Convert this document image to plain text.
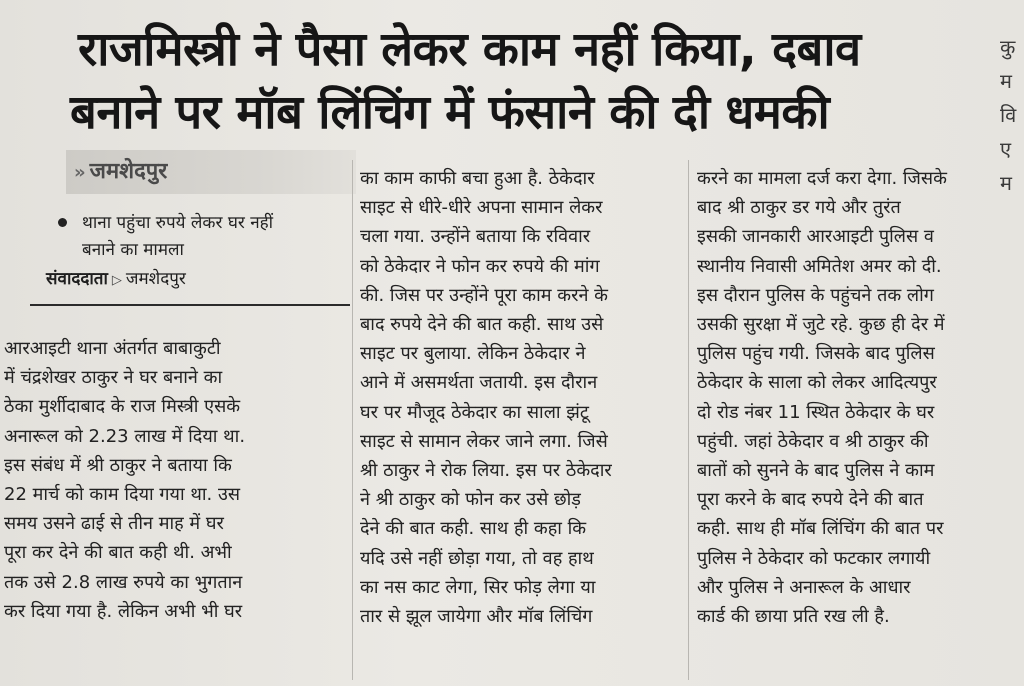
राजमिस्त्री ने पैसा लेकर काम नहीं किया, दबाव
बनाने पर मॉब लिंचिंग में फंसाने की दी धमकी
कु
म
वि
ए
म
» जमशेदपुर
थाना पहुंचा रुपये लेकर घर नहीं
बनाने का मामला
संवाददाता ▷ जमशेदपुर
आरआइटी थाना अंतर्गत बाबाकुटी
में चंद्रशेखर ठाकुर ने घर बनाने का
ठेका मुर्शीदाबाद के राज मिस्त्री एसके
अनारूल को 2.23 लाख में दिया था.
इस संबंध में श्री ठाकुर ने बताया कि
22 मार्च को काम दिया गया था. उस
समय उसने ढाई से तीन माह में घर
पूरा कर देने की बात कही थी. अभी
तक उसे 2.8 लाख रुपये का भुगतान
कर दिया गया है. लेकिन अभी भी घर
का काम काफी बचा हुआ है. ठेकेदार
साइट से धीरे-धीरे अपना सामान लेकर
चला गया. उन्होंने बताया कि रविवार
को ठेकेदार ने फोन कर रुपये की मांग
की. जिस पर उन्होंने पूरा काम करने के
बाद रुपये देने की बात कही. साथ उसे
साइट पर बुलाया. लेकिन ठेकेदार ने
आने में असमर्थता जतायी. इस दौरान
घर पर मौजूद ठेकेदार का साला झंटू
साइट से सामान लेकर जाने लगा. जिसे
श्री ठाकुर ने रोक लिया. इस पर ठेकेदार
ने श्री ठाकुर को फोन कर उसे छोड़
देने की बात कही. साथ ही कहा कि
यदि उसे नहीं छोड़ा गया, तो वह हाथ
का नस काट लेगा, सिर फोड़ लेगा या
तार से झूल जायेगा और मॉब लिंचिंग
करने का मामला दर्ज करा देगा. जिसके
बाद श्री ठाकुर डर गये और तुरंत
इसकी जानकारी आरआइटी पुलिस व
स्थानीय निवासी अमितेश अमर को दी.
इस दौरान पुलिस के पहुंचने तक लोग
उसकी सुरक्षा में जुटे रहे. कुछ ही देर में
पुलिस पहुंच गयी. जिसके बाद पुलिस
ठेकेदार के साला को लेकर आदित्यपुर
दो रोड नंबर 11 स्थित ठेकेदार के घर
पहुंची. जहां ठेकेदार व श्री ठाकुर की
बातों को सुनने के बाद पुलिस ने काम
पूरा करने के बाद रुपये देने की बात
कही. साथ ही मॉब लिंचिंग की बात पर
पुलिस ने ठेकेदार को फटकार लगायी
और पुलिस ने अनारूल के आधार
कार्ड की छाया प्रति रख ली है.
